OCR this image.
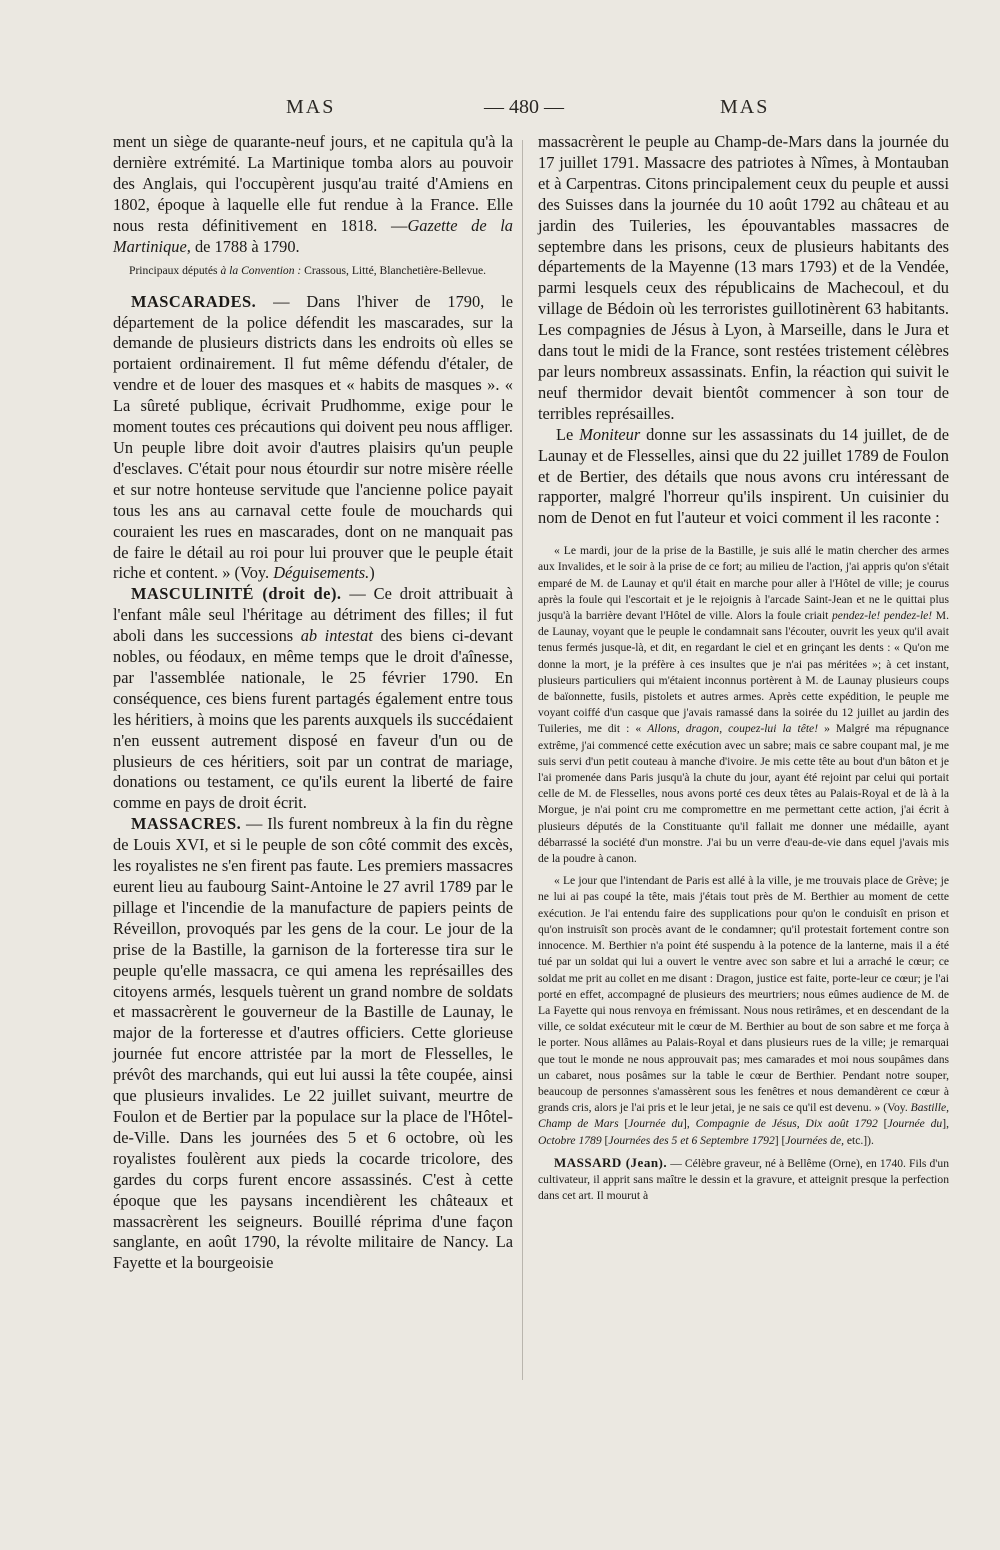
MAS	— 480 —	MAS

ment un siège de quarante-neuf jours, et ne capitula qu'à la dernière extrémité. La Martinique tomba alors au pouvoir des Anglais, qui l'occupèrent jusqu'au traité d'Amiens en 1802, époque à laquelle elle fut rendue à la France. Elle nous resta définitivement en 1818. —Gazette de la Martinique, de 1788 à 1790.

Principaux députés à la Convention : Crassous, Litté, Blanchetière-Bellevue.

MASCARADES. — Dans l'hiver de 1790, le département de la police défendit les mascarades, sur la demande de plusieurs districts dans les endroits où elles se portaient ordinairement. Il fut même défendu d'étaler, de vendre et de louer des masques et « habits de masques ». « La sûreté publique, écrivait Prudhomme, exige pour le moment toutes ces précautions qui doivent peu nous affliger. Un peuple libre doit avoir d'autres plaisirs qu'un peuple d'esclaves. C'était pour nous étourdir sur notre misère réelle et sur notre honteuse servitude que l'ancienne police payait tous les ans au carnaval cette foule de mouchards qui couraient les rues en mascarades, dont on ne manquait pas de faire le détail au roi pour lui prouver que le peuple était riche et content. » (Voy. Déguisements.)

MASCULINITÉ (droit de). — Ce droit attribuait à l'enfant mâle seul l'héritage au détriment des filles; il fut aboli dans les successions ab intestat des biens ci-devant nobles, ou féodaux, en même temps que le droit d'aînesse, par l'assemblée nationale, le 25 février 1790. En conséquence, ces biens furent partagés également entre tous les héritiers, à moins que les parents auxquels ils succédaient n'en eussent autrement disposé en faveur d'un ou de plusieurs de ces héritiers, soit par un contrat de mariage, donations ou testament, ce qu'ils eurent la liberté de faire comme en pays de droit écrit.

MASSACRES. — Ils furent nombreux à la fin du règne de Louis XVI, et si le peuple de son côté commit des excès, les royalistes ne s'en firent pas faute. Les premiers massacres eurent lieu au faubourg Saint-Antoine le 27 avril 1789 par le pillage et l'incendie de la manufacture de papiers peints de Réveillon, provoqués par les gens de la cour. Le jour de la prise de la Bastille, la garnison de la forteresse tira sur le peuple qu'elle massacra, ce qui amena les représailles des citoyens armés, lesquels tuèrent un grand nombre de soldats et massacrèrent le gouverneur de la Bastille de Launay, le major de la forteresse et d'autres officiers. Cette glorieuse journée fut encore attristée par la mort de Flesselles, le prévôt des marchands, qui eut lui aussi la tête coupée, ainsi que plusieurs invalides. Le 22 juillet suivant, meurtre de Foulon et de Bertier par la populace sur la place de l'Hôtel-de-Ville. Dans les journées des 5 et 6 octobre, où les royalistes foulèrent aux pieds la cocarde tricolore, des gardes du corps furent encore assassinés. C'est à cette époque que les paysans incendièrent les châteaux et massacrèrent les seigneurs. Bouillé réprima d'une façon sanglante, en août 1790, la révolte militaire de Nancy. La Fayette et la bourgeoisie

massacrèrent le peuple au Champ-de-Mars dans la journée du 17 juillet 1791. Massacre des patriotes à Nîmes, à Montauban et à Carpentras. Citons principalement ceux du peuple et aussi des Suisses dans la journée du 10 août 1792 au château et au jardin des Tuileries, les épouvantables massacres de septembre dans les prisons, ceux de plusieurs habitants des départements de la Mayenne (13 mars 1793) et de la Vendée, parmi lesquels ceux des républicains de Machecoul, et du village de Bédoin où les terroristes guillotinèrent 63 habitants. Les compagnies de Jésus à Lyon, à Marseille, dans le Jura et dans tout le midi de la France, sont restées tristement célèbres par leurs nombreux assassinats. Enfin, la réaction qui suivit le neuf thermidor devait bientôt commencer à son tour de terribles représailles.

Le Moniteur donne sur les assassinats du 14 juillet, de de Launay et de Flesselles, ainsi que du 22 juillet 1789 de Foulon et de Bertier, des détails que nous avons cru intéressant de rapporter, malgré l'horreur qu'ils inspirent. Un cuisinier du nom de Denot en fut l'auteur et voici comment il les raconte :

« Le mardi, jour de la prise de la Bastille, je suis allé le matin chercher des armes aux Invalides, et le soir à la prise de ce fort; au milieu de l'action, j'ai appris qu'on s'était emparé de M. de Launay et qu'il était en marche pour aller à l'Hôtel de ville; je courus après la foule qui l'escortait et je le rejoignis à l'arcade Saint-Jean et ne le quittai plus jusqu'à la barrière devant l'Hôtel de ville. Alors la foule criait pendez-le! pendez-le! M. de Launay, voyant que le peuple le condamnait sans l'écouter, ouvrit les yeux qu'il avait tenus fermés jusque-là, et dit, en regardant le ciel et en grinçant les dents : « Qu'on me donne la mort, je la préfère à ces insultes que je n'ai pas méritées »; à cet instant, plusieurs particuliers qui m'étaient inconnus portèrent à M. de Launay plusieurs coups de baïonnette, fusils, pistolets et autres armes. Après cette expédition, le peuple me voyant coiffé d'un casque que j'avais ramassé dans la soirée du 12 juillet au jardin des Tuileries, me dit : « Allons, dragon, coupez-lui la tête! » Malgré ma répugnance extrême, j'ai commencé cette exécution avec un sabre; mais ce sabre coupant mal, je me suis servi d'un petit couteau à manche d'ivoire. Je mis cette tête au bout d'un bâton et je l'ai promenée dans Paris jusqu'à la chute du jour, ayant été rejoint par celui qui portait celle de M. de Flesselles, nous avons porté ces deux têtes au Palais-Royal et de là à la Morgue, je n'ai point cru me compromettre en me permettant cette action, j'ai écrit à plusieurs députés de la Constituante qu'il fallait me donner une médaille, ayant débarrassé la société d'un monstre. J'ai bu un verre d'eau-de-vie dans equel j'avais mis de la poudre à canon.

« Le jour que l'intendant de Paris est allé à la ville, je me trouvais place de Grève; je ne lui ai pas coupé la tête, mais j'étais tout près de M. Berthier au moment de cette exécution. Je l'ai entendu faire des supplications pour qu'on le conduisît en prison et qu'on instruisît son procès avant de le condamner; qu'il protestait fortement contre son innocence. M. Berthier n'a point été suspendu à la potence de la lanterne, mais il a été tué par un soldat qui lui a ouvert le ventre avec son sabre et lui a arraché le cœur; ce soldat me prit au collet en me disant : Dragon, justice est faite, porte-leur ce cœur; je l'ai porté en effet, accompagné de plusieurs des meurtriers; nous eûmes audience de M. de La Fayette qui nous renvoya en frémissant. Nous nous retirâmes, et en descendant de la ville, ce soldat exécuteur mit le cœur de M. Berthier au bout de son sabre et me força à le porter. Nous allâmes au Palais-Royal et dans plusieurs rues de la ville; je remarquai que tout le monde ne nous approuvait pas; mes camarades et moi nous soupâmes dans un cabaret, nous posâmes sur la table le cœur de Berthier. Pendant notre souper, beaucoup de personnes s'amassèrent sous les fenêtres et nous demandèrent ce cœur à grands cris, alors je l'ai pris et le leur jetai, je ne sais ce qu'il est devenu. » (Voy. Bastille, Champ de Mars [Journée du], Compagnie de Jésus, Dix août 1792 [Journée du], Octobre 1789 [Journées des 5 et 6 Septembre 1792] [Journées de, etc.]).

MASSARD (Jean). — Célèbre graveur, né à Bellême (Orne), en 1740. Fils d'un cultivateur, il apprit sans maître le dessin et la gravure, et atteignit presque la perfection dans cet art. Il mourut à
